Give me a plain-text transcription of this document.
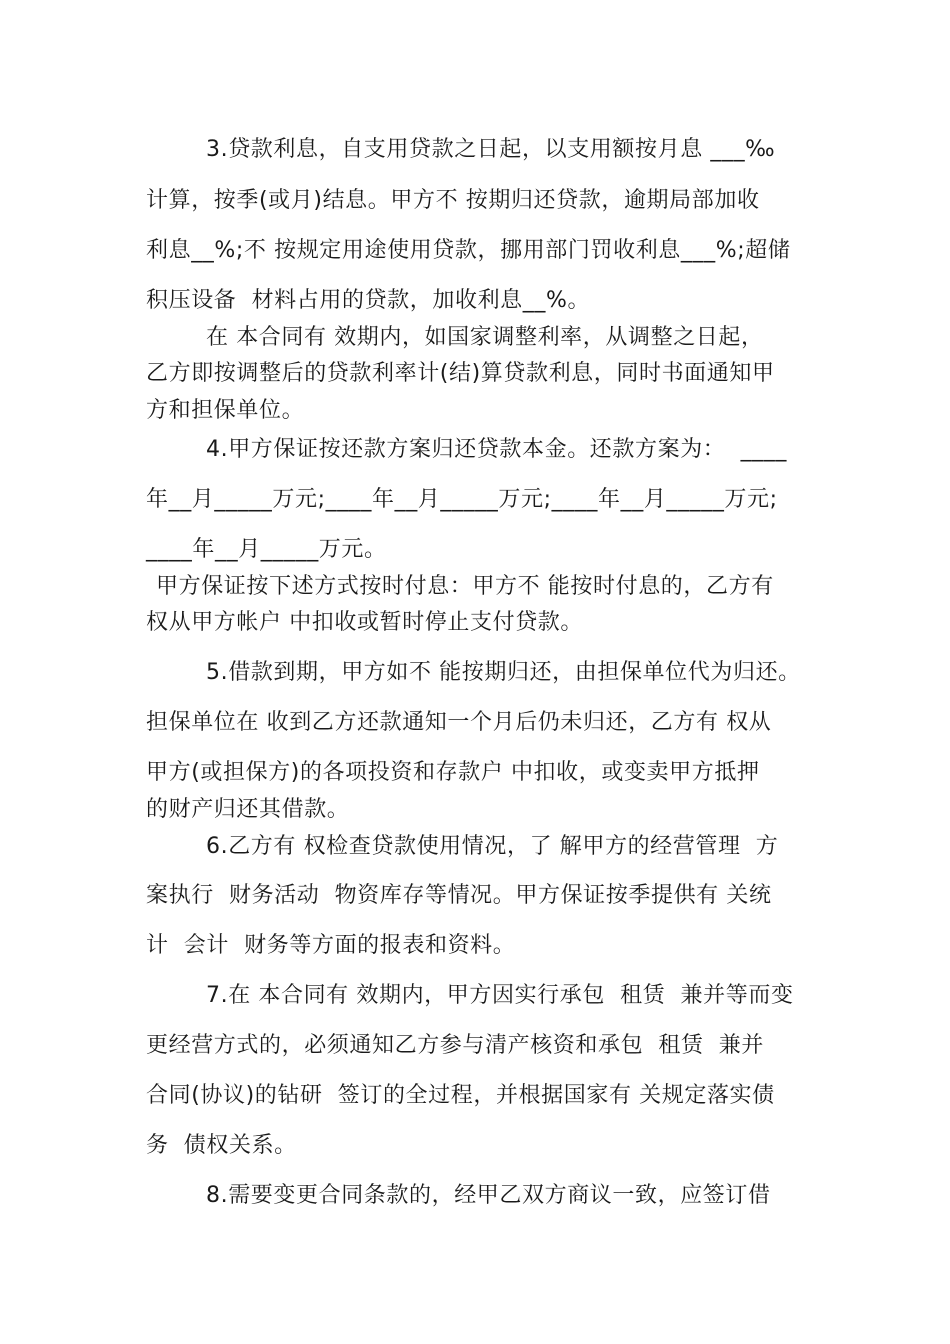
3.贷款利息，自支用贷款之日起，以支用额按月息 ___‰
计算，按季(或月)结息。甲方不 按期归还贷款，逾期局部加收
利息__%;不 按规定用途使用贷款，挪用部门罚收利息___%;超储
积压设备  材料占用的贷款，加收利息__%。
在 本合同有 效期内，如国家调整利率，从调整之日起，
乙方即按调整后的贷款利率计(结)算贷款利息，同时书面通知甲
方和担保单位。
4.甲方保证按还款方案归还贷款本金。还款方案为：  ____
年__月_____万元;____年__月_____万元;____年__月_____万元;
____年__月_____万元。
甲方保证按下述方式按时付息：甲方不 能按时付息的，乙方有
权从甲方帐户 中扣收或暂时停止支付贷款。
5.借款到期，甲方如不 能按期归还，由担保单位代为归还。
担保单位在 收到乙方还款通知一个月后仍未归还，乙方有 权从
甲方(或担保方)的各项投资和存款户 中扣收，或变卖甲方抵押
的财产归还其借款。
6.乙方有 权检查贷款使用情况，了 解甲方的经营管理  方
案执行  财务活动  物资库存等情况。甲方保证按季提供有 关统
计  会计  财务等方面的报表和资料。
7.在 本合同有 效期内，甲方因实行承包  租赁  兼并等而变
更经营方式的，必须通知乙方参与清产核资和承包  租赁  兼并
合同(协议)的钻研  签订的全过程，并根据国家有 关规定落实债
务  债权关系。
8.需要变更合同条款的，经甲乙双方商议一致，应签订借
